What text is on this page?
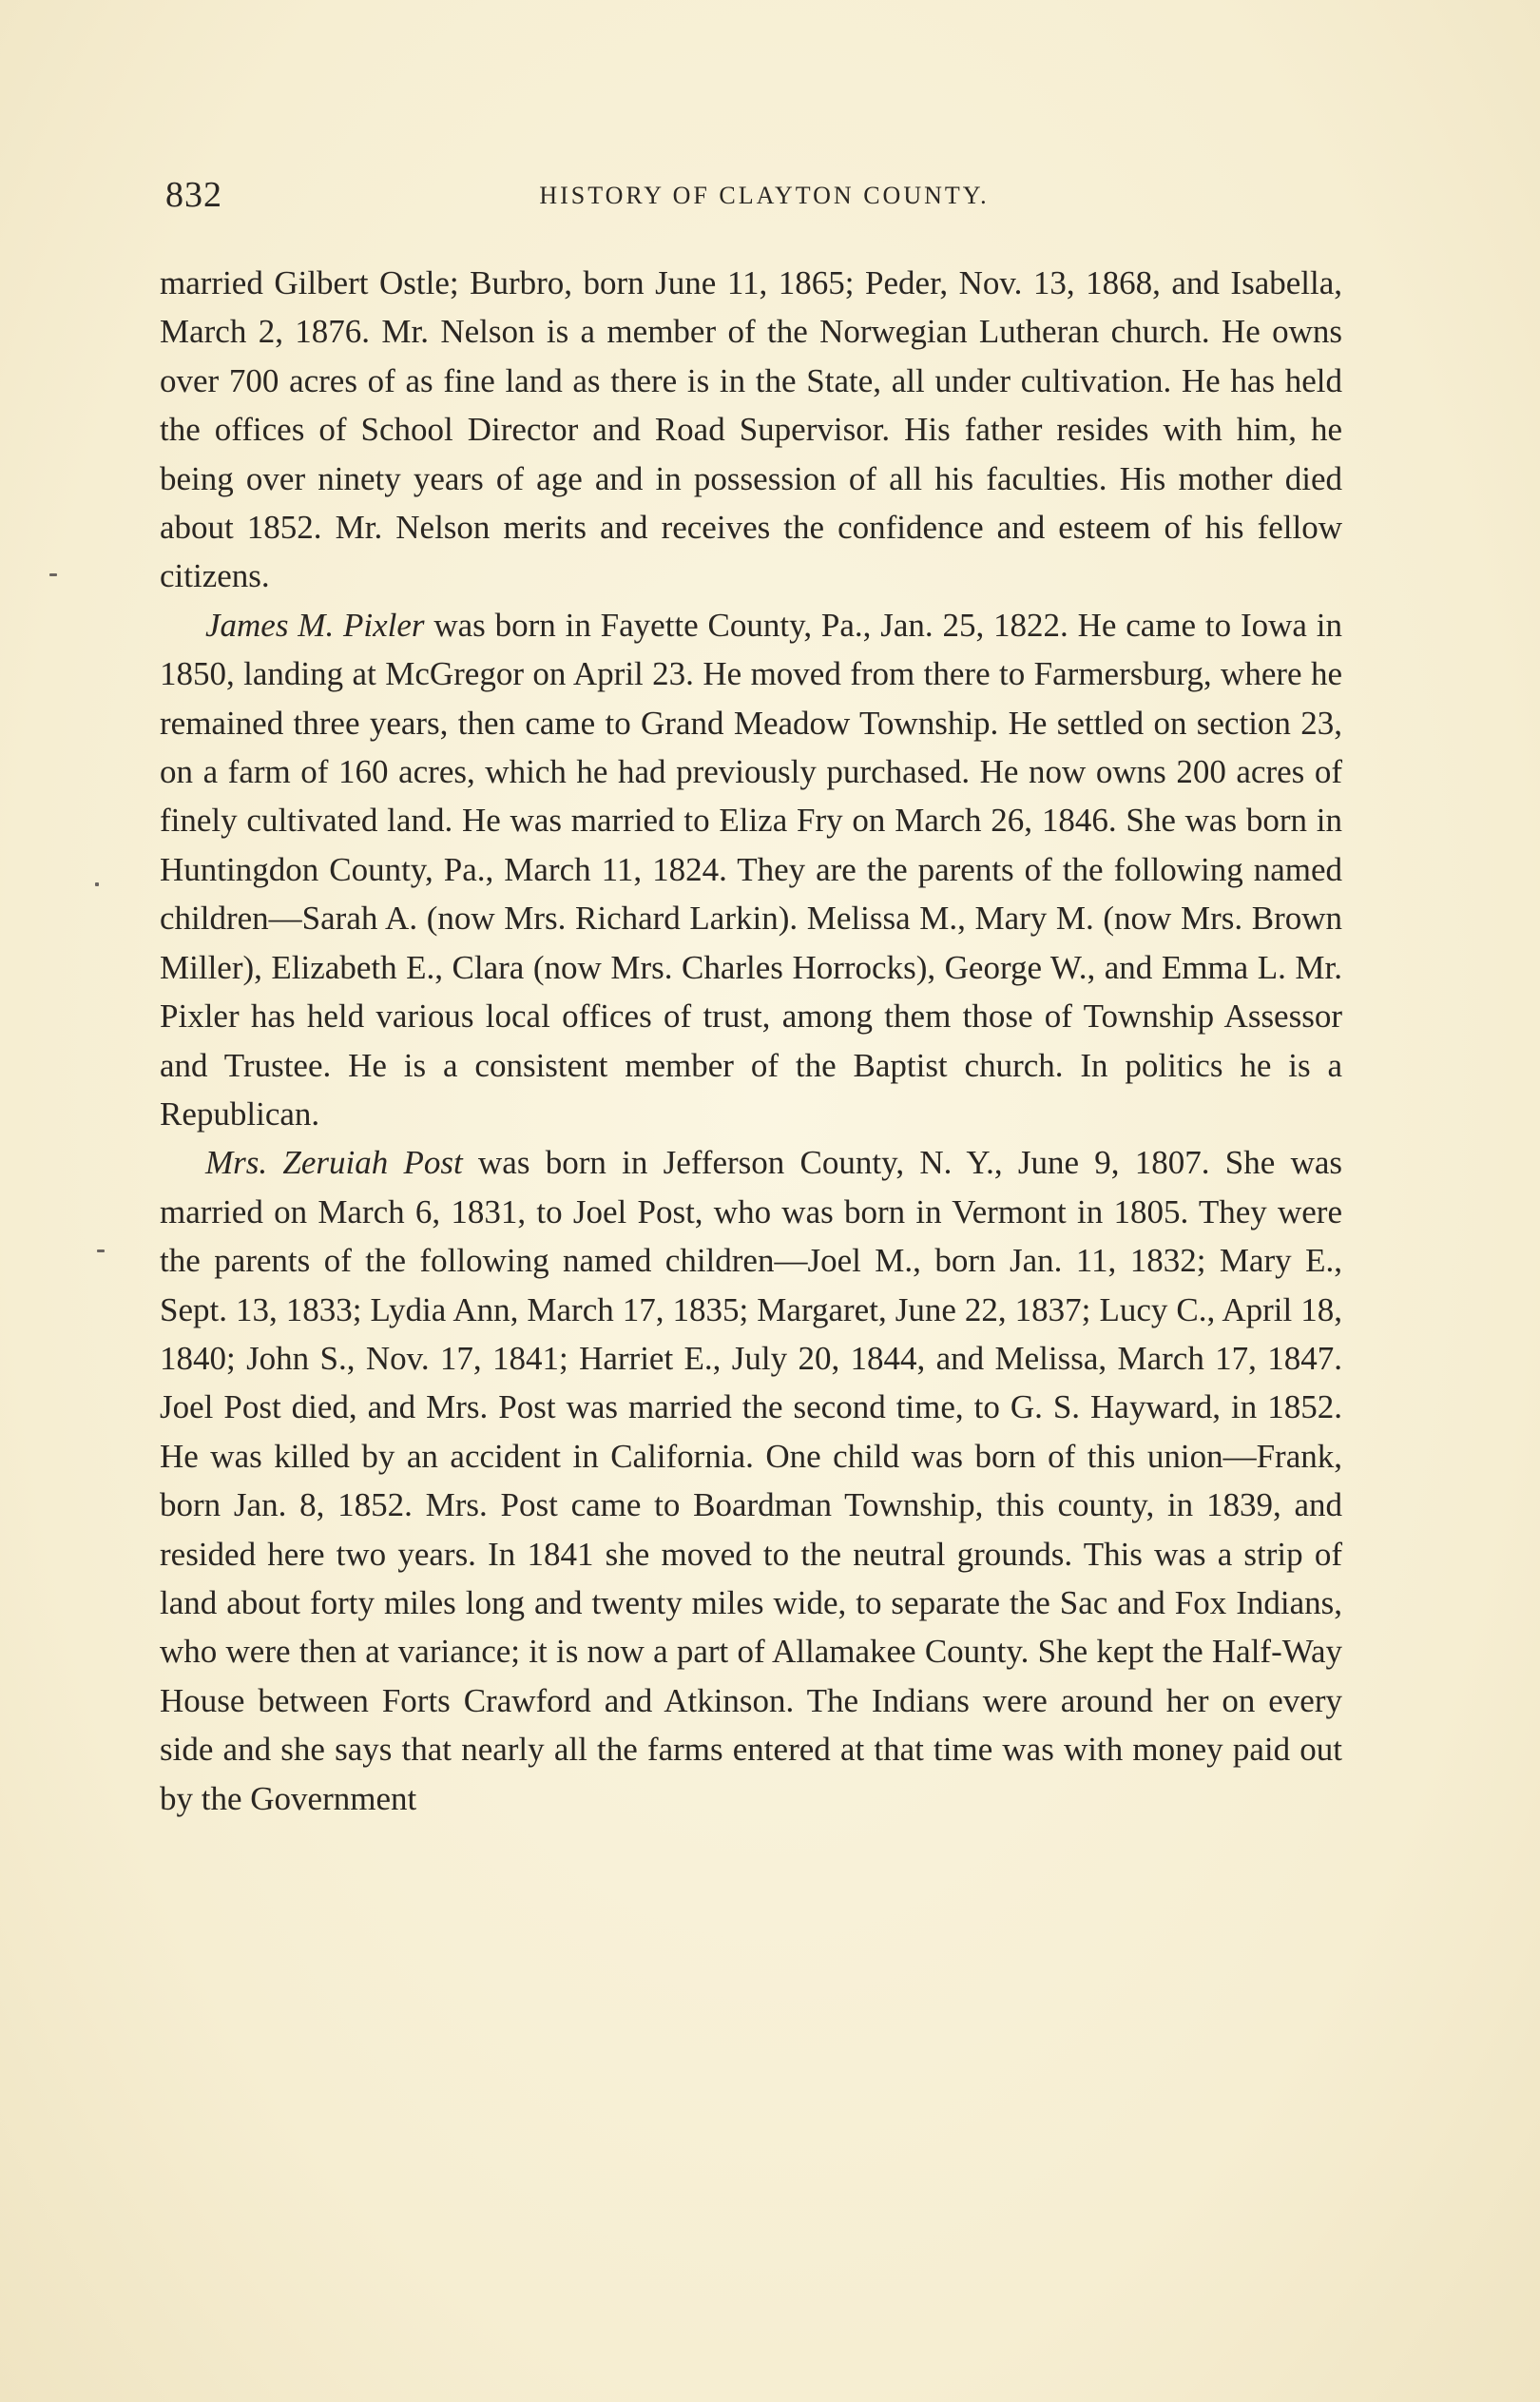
832	HISTORY OF CLAYTON COUNTY.

married Gilbert Ostle; Burbro, born June 11, 1865; Peder, Nov. 13, 1868, and Isabella, March 2, 1876. Mr. Nelson is a member of the Norwegian Lutheran church. He owns over 700 acres of as fine land as there is in the State, all under cultivation. He has held the offices of School Director and Road Supervisor. His father resides with him, he being over ninety years of age and in possession of all his faculties. His mother died about 1852. Mr. Nelson merits and receives the confidence and esteem of his fellow citizens.

James M. Pixler was born in Fayette County, Pa., Jan. 25, 1822. He came to Iowa in 1850, landing at McGregor on April 23. He moved from there to Farmersburg, where he remained three years, then came to Grand Meadow Township. He settled on section 23, on a farm of 160 acres, which he had previously purchased. He now owns 200 acres of finely cultivated land. He was married to Eliza Fry on March 26, 1846. She was born in Huntingdon County, Pa., March 11, 1824. They are the parents of the following named children—Sarah A. (now Mrs. Richard Larkin). Melissa M., Mary M. (now Mrs. Brown Miller), Elizabeth E., Clara (now Mrs. Charles Horrocks), George W., and Emma L. Mr. Pixler has held various local offices of trust, among them those of Township Assessor and Trustee. He is a consistent member of the Baptist church. In politics he is a Republican.

Mrs. Zeruiah Post was born in Jefferson County, N. Y., June 9, 1807. She was married on March 6, 1831, to Joel Post, who was born in Vermont in 1805. They were the parents of the following named children—Joel M., born Jan. 11, 1832; Mary E., Sept. 13, 1833; Lydia Ann, March 17, 1835; Margaret, June 22, 1837; Lucy C., April 18, 1840; John S., Nov. 17, 1841; Harriet E., July 20, 1844, and Melissa, March 17, 1847. Joel Post died, and Mrs. Post was married the second time, to G. S. Hayward, in 1852. He was killed by an accident in California. One child was born of this union—Frank, born Jan. 8, 1852. Mrs. Post came to Boardman Township, this county, in 1839, and resided here two years. In 1841 she moved to the neutral grounds. This was a strip of land about forty miles long and twenty miles wide, to separate the Sac and Fox Indians, who were then at variance; it is now a part of Allamakee County. She kept the Half-Way House between Forts Crawford and Atkinson. The Indians were around her on every side and she says that nearly all the farms entered at that time was with money paid out by the Government
